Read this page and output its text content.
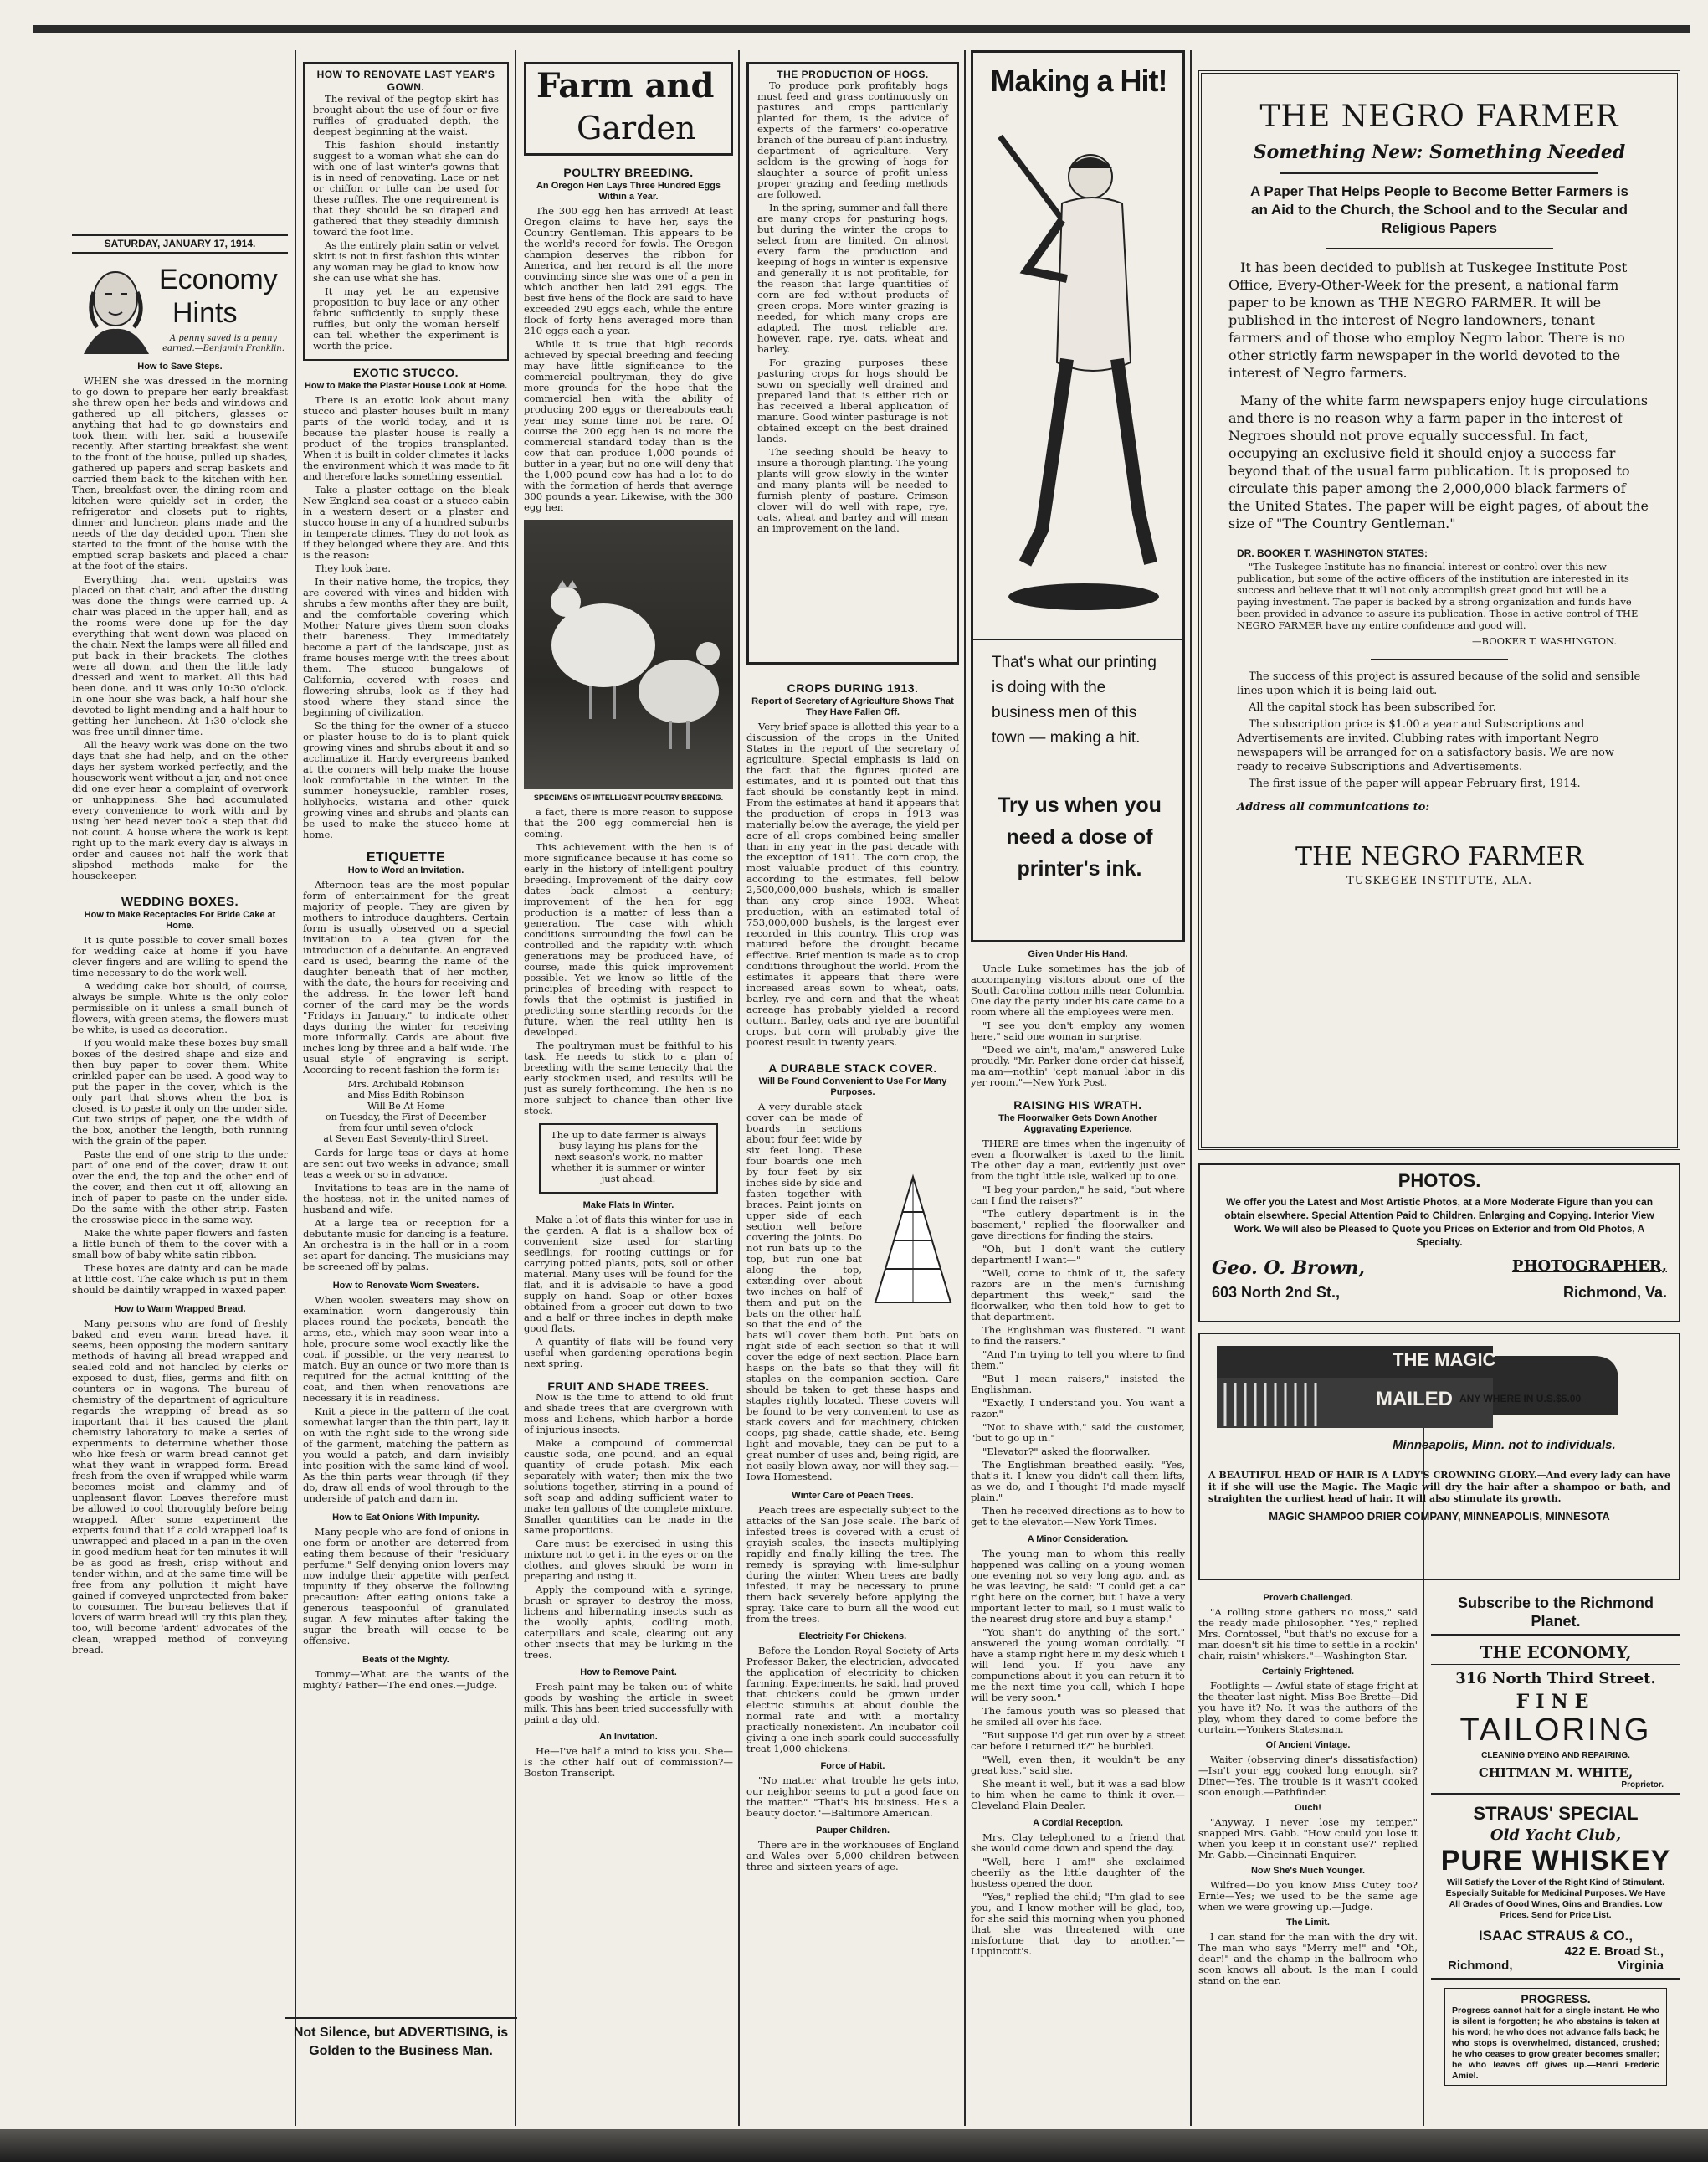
SATURDAY, JANUARY 17, 1914.
Economy
Hints
A penny saved is a penny earned.—Benjamin Franklin.
How to Save Steps.

WHEN she was dressed in the morning to go down to prepare her early breakfast she threw open her beds and windows and gathered up all pitchers, glasses or anything that had to go downstairs and took them with her, said a housewife recently. After starting breakfast she went to the front of the house, pulled up shades, gathered up papers and scrap baskets and carried them back to the kitchen with her. Then, breakfast over, the dining room and kitchen were quickly set in order, the refrigerator and closets put to rights, dinner and luncheon plans made and the needs of the day decided upon. Then she started to the front of the house with the emptied scrap baskets and placed a chair at the foot of the stairs.

Everything that went upstairs was placed on that chair, and after the dusting was done the things were carried up. A chair was placed in the upper hall, and as the rooms were done up for the day everything that went down was placed on the chair. Next the lamps were all filled and put back in their brackets. The clothes were all down, and then the little lady dressed and went to market. All this had been done, and it was only 10:30 o'clock. In one hour she was back, a half hour she devoted to light mending and a half hour to getting her luncheon. At 1:30 o'clock she was free until dinner time.

All the heavy work was done on the two days that she had help, and on the other days her system worked perfectly, and the housework went without a jar, and not once did one ever hear a complaint of overwork or unhappiness. She had accumulated every convenience to work with and by using her head never took a step that did not count. A house where the work is kept right up to the mark every day is always in order and causes not half the work that slipshod methods make for the housekeeper.

WEDDING BOXES.
How to Make Receptacles For Bride Cake at Home.

It is quite possible to cover small boxes for wedding cake at home if you have clever fingers and are willing to spend the time necessary to do the work well.

A wedding cake box should, of course, always be simple. White is the only color permissible on it unless a small bunch of flowers, with green stems, the flowers must be white, is used as decoration.

If you would make these boxes buy small boxes of the desired shape and size and then buy paper to cover them. White crinkled paper can be used. A good way to put the paper in the cover, which is the only part that shows when the box is closed, is to paste it only on the under side. Cut two strips of paper, one the width of the box, another the length, both running with the grain of the paper.

Paste the end of one strip to the under part of one end of the cover; draw it out over the end, the top and the other end of the cover, and then cut it off, allowing an inch of paper to paste on the under side. Do the same with the other strip. Fasten the crosswise piece in the same way.

Make the white paper flowers and fasten a little bunch of them to the cover with a small bow of baby white satin ribbon.

These boxes are dainty and can be made at little cost. The cake which is put in them should be daintily wrapped in waxed paper.

How to Warm Wrapped Bread.

Many persons who are fond of freshly baked and even warm bread have, it seems, been opposing the modern sanitary methods of having all bread wrapped and sealed cold and not handled by clerks or exposed to dust, flies, germs and filth on counters or in wagons. The bureau of chemistry of the department of agriculture regards the wrapping of bread as so important that it has caused the plant chemistry laboratory to make a series of experiments to determine whether those who like fresh or warm bread cannot get what they want in wrapped form. Bread fresh from the oven if wrapped while warm becomes moist and clammy and of unpleasant flavor. Loaves therefore must be allowed to cool thoroughly before being wrapped. After some experiment the experts found that if a cold wrapped loaf is unwrapped and placed in a pan in the oven in good medium heat for ten minutes it will be as good as fresh, crisp without and tender within, and at the same time will be free from any pollution it might have gained if conveyed unprotected from baker to consumer. The bureau believes that if lovers of warm bread will try this plan they, too, will become 'ardent' advocates of the clean, wrapped method of conveying bread.

HOW TO RENOVATE LAST YEAR'S GOWN.

The revival of the pegtop skirt has brought about the use of four or five ruffles of graduated depth, the deepest beginning at the waist.

This fashion should instantly suggest to a woman what she can do with one of last winter's gowns that is in need of renovating. Lace or net or chiffon or tulle can be used for these ruffles. The one requirement is that they should be so draped and gathered that they steadily diminish toward the foot line.

As the entirely plain satin or velvet skirt is not in first fashion this winter any woman may be glad to know how she can use what she has.

It may yet be an expensive proposition to buy lace or any other fabric sufficiently to supply these ruffles, but only the woman herself can tell whether the experiment is worth the price.

EXOTIC STUCCO.
How to Make the Plaster House Look at Home.

There is an exotic look about many stucco and plaster houses built in many parts of the world today, and it is because the plaster house is really a product of the tropics transplanted. When it is built in colder climates it lacks the environment which it was made to fit and therefore lacks something essential.

Take a plaster cottage on the bleak New England sea coast or a stucco cabin in a western desert or a plaster and stucco house in any of a hundred suburbs in temperate climes. They do not look as if they belonged where they are. And this is the reason:

They look bare.

In their native home, the tropics, they are covered with vines and hidden with shrubs a few months after they are built, and the comfortable covering which Mother Nature gives them soon cloaks their bareness. They immediately become a part of the landscape, just as frame houses merge with the trees about them. The stucco bungalows of California, covered with roses and flowering shrubs, look as if they had stood where they stand since the beginning of civilization.

So the thing for the owner of a stucco or plaster house to do is to plant quick growing vines and shrubs about it and so acclimatize it. Hardy evergreens banked at the corners will help make the house look comfortable in the winter. In the summer honeysuckle, rambler roses, hollyhocks, wistaria and other quick growing vines and shrubs and plants can be used to make the stucco home at home.

ETIQUETTE
How to Word an Invitation.

Afternoon teas are the most popular form of entertainment for the great majority of people. They are given by mothers to introduce daughters. Certain form is usually observed on a special invitation to a tea given for the introduction of a debutante. An engraved card is used, bearing the name of the daughter beneath that of her mother, with the date, the hours for receiving and the address. In the lower left hand corner of the card may be the words "Fridays in January," to indicate other days during the winter for receiving more informally. Cards are about five inches long by three and a half wide. The usual style of engraving is script. According to recent fashion the form is:

Mrs. Archibald Robinson
and Miss Edith Robinson
Will Be At Home
on Tuesday, the First of December
from four until seven o'clock
at Seven East Seventy-third Street.

Cards for large teas or days at home are sent out two weeks in advance; small teas a week or so in advance.

Invitations to teas are in the name of the hostess, not in the united names of husband and wife.

At a large tea or reception for a debutante music for dancing is a feature. An orchestra is in the hall or in a room set apart for dancing. The musicians may be screened off by palms.

How to Renovate Worn Sweaters.

When woolen sweaters may show on examination worn dangerously thin places round the pockets, beneath the arms, etc., which may soon wear into a hole, procure some wool exactly like the coat, if possible, or the very nearest to match. Buy an ounce or two more than is required for the actual knitting of the coat, and then when renovations are necessary it is in readiness.

Knit a piece in the pattern of the coat somewhat larger than the thin part, lay it on with the right side to the wrong side of the garment, matching the pattern as you would a patch, and darn invisibly into position with the same kind of wool. As the thin parts wear through (if they do, draw all ends of wool through to the underside of patch and darn in.

How to Eat Onions With Impunity.

Many people who are fond of onions in one form or another are deterred from eating them because of their "residuary perfume." Self denying onion lovers may now indulge their appetite with perfect impunity if they observe the following precaution: After eating onions take a generous teaspoonful of granulated sugar. A few minutes after taking the sugar the breath will cease to be offensive.

Beats of the Mighty.

Tommy—What are the wants of the mighty? Father—The end ones.—Judge.

Not Silence, but ADVERTISING, is
Golden to the Business Man.
Farm and
Garden
POULTRY BREEDING.
An Oregon Hen Lays Three Hundred Eggs Within a Year.

The 300 egg hen has arrived! At least Oregon claims to have her, says the Country Gentleman. This appears to be the world's record for fowls. The Oregon champion deserves the ribbon for America, and her record is all the more convincing since she was one of a pen in which another hen laid 291 eggs. The best five hens of the flock are said to have exceeded 290 eggs each, while the entire flock of forty hens averaged more than 210 eggs each a year.

While it is true that high records achieved by special breeding and feeding may have little significance to the commercial poultryman, they do give more grounds for the hope that the commercial hen with the ability of producing 200 eggs or thereabouts each year may some time not be rare. Of course the 200 egg hen is no more the commercial standard today than is the cow that can produce 1,000 pounds of butter in a year, but no one will deny that the 1,000 pound cow has had a lot to do with the formation of herds that average 300 pounds a year. Likewise, with the 300 egg hen

SPECIMENS OF INTELLIGENT POULTRY BREEDING.

a fact, there is more reason to suppose that the 200 egg commercial hen is coming.

This achievement with the hen is of more significance because it has come so early in the history of intelligent poultry breeding. Improvement of the dairy cow dates back almost a century; improvement of the hen for egg production is a matter of less than a generation. The case with which conditions surrounding the fowl can be controlled and the rapidity with which generations may be produced have, of course, made this quick improvement possible. Yet we know so little of the principles of breeding with respect to fowls that the optimist is justified in predicting some startling records for the future, when the real utility hen is developed.

The poultryman must be faithful to his task. He needs to stick to a plan of breeding with the same tenacity that the early stockmen used, and results will be just as surely forthcoming. The hen is no more subject to chance than other live stock.

The up to date farmer is always busy laying his plans for the next season's work, no matter whether it is summer or winter just ahead.

Make Flats In Winter.

Make a lot of flats this winter for use in the garden. A flat is a shallow box of convenient size used for starting seedlings, for rooting cuttings or for carrying potted plants, pots, soil or other material. Many uses will be found for the flat, and it is advisable to have a good supply on hand. Soap or other boxes obtained from a grocer cut down to two and a half or three inches in depth make good flats.

A quantity of flats will be found very useful when gardening operations begin next spring.

FRUIT AND SHADE TREES.

Now is the time to attend to old fruit and shade trees that are overgrown with moss and lichens, which harbor a horde of injurious insects.

Make a compound of commercial caustic soda, one pound, and an equal quantity of crude potash. Mix each separately with water; then mix the two solutions together, stirring in a pound of soft soap and adding sufficient water to make ten gallons of the complete mixture. Smaller quantities can be made in the same proportions.

Care must be exercised in using this mixture not to get it in the eyes or on the clothes, and gloves should be worn in preparing and using it.

Apply the compound with a syringe, brush or sprayer to destroy the moss, lichens and hibernating insects such as the woolly aphis, codling moth, caterpillars and scale, clearing out any other insects that may be lurking in the trees.

How to Remove Paint.

Fresh paint may be taken out of white goods by washing the article in sweet milk. This has been tried successfully with paint a day old.

An Invitation.

He—I've half a mind to kiss you. She—Is the other half out of commission?—Boston Transcript.

THE PRODUCTION OF HOGS.

To produce pork profitably hogs must feed and grass continuously on pastures and crops particularly planted for them, is the advice of experts of the farmers' co-operative branch of the bureau of plant industry, department of agriculture. Very seldom is the growing of hogs for slaughter a source of profit unless proper grazing and feeding methods are followed.

In the spring, summer and fall there are many crops for pasturing hogs, but during the winter the crops to select from are limited. On almost every farm the production and keeping of hogs in winter is expensive and generally it is not profitable, for the reason that large quantities of corn are fed without products of green crops. More winter grazing is needed, for which many crops are adapted. The most reliable are, however, rape, rye, oats, wheat and barley.

For grazing purposes these pasturing crops for hogs should be sown on specially well drained and prepared land that is either rich or has received a liberal application of manure. Good winter pasturage is not obtained except on the best drained lands.

The seeding should be heavy to insure a thorough planting. The young plants will grow slowly in the winter and many plants will be needed to furnish plenty of pasture. Crimson clover will do well with rape, rye, oats, wheat and barley and will mean an improvement on the land.

CROPS DURING 1913.
Report of Secretary of Agriculture Shows That They Have Fallen Off.

Very brief space is allotted this year to a discussion of the crops in the United States in the report of the secretary of agriculture. Special emphasis is laid on the fact that the figures quoted are estimates, and it is pointed out that this fact should be constantly kept in mind. From the estimates at hand it appears that the production of crops in 1913 was materially below the average, the yield per acre of all crops combined being smaller than in any year in the past decade with the exception of 1911. The corn crop, the most valuable product of this country, according to the estimates, fell below 2,500,000,000 bushels, which is smaller than any crop since 1903. Wheat production, with an estimated total of 753,000,000 bushels, is the largest ever recorded in this country. This crop was matured before the drought became effective. Brief mention is made as to crop conditions throughout the world. From the estimates it appears that there were increased areas sown to wheat, oats, barley, rye and corn and that the wheat acreage has probably yielded a record outturn. Barley, oats and rye are bountiful crops, but corn will probably give the poorest result in twenty years.

A DURABLE STACK COVER.
Will Be Found Convenient to Use For Many Purposes.

A very durable stack cover can be made of boards in sections about four feet wide by six feet long. These four boards one inch by four feet by six inches side by side and fasten together with braces. Paint joints on upper side of each section well before covering the joints. Do not run bats up to the top, but run one bat along the top, extending over about two inches on half of them and put on the bats on the other half, so that the end of the bats will cover them both. Put bats on right side of each section so that it will cover the edge of next section. Place barn hasps on the bats so that they will fit staples on the companion section. Care should be taken to get these hasps and staples rightly located. These covers will be found to be very convenient to use as stack covers and for machinery, chicken coops, pig shade, cattle shade, etc. Being light and movable, they can be put to a great number of uses and, being rigid, are not easily blown away, nor will they sag.—Iowa Homestead.

Winter Care of Peach Trees.

Peach trees are especially subject to the attacks of the San Jose scale. The bark of infested trees is covered with a crust of grayish scales, the insects multiplying rapidly and finally killing the tree. The remedy is spraying with lime-sulphur during the winter. When trees are badly infested, it may be necessary to prune them back severely before applying the spray. Take care to burn all the wood cut from the trees.

Electricity For Chickens.

Before the London Royal Society of Arts Professor Baker, the electrician, advocated the application of electricity to chicken farming. Experiments, he said, had proved that chickens could be grown under electric stimulus at about double the normal rate and with a mortality practically nonexistent. An incubator coil giving a one inch spark could successfully treat 1,000 chickens.

Force of Habit.

"No matter what trouble he gets into, our neighbor seems to put a good face on the matter." "That's his business. He's a beauty doctor."—Baltimore American.

Pauper Children.

There are in the workhouses of England and Wales over 5,000 children between three and sixteen years of age.

Making a Hit!
That's what our printing is doing with the business men of this town — making a hit.
Try us when you need a dose of printer's ink.
Given Under His Hand.

Uncle Luke sometimes has the job of accompanying visitors about one of the South Carolina cotton mills near Columbia. One day the party under his care came to a room where all the employees were men.

"I see you don't employ any women here," said one woman in surprise.

"Deed we ain't, ma'am," answered Luke proudly. "Mr. Parker done order dat hisself, ma'am—nothin' 'cept manual labor in dis yer room."—New York Post.

RAISING HIS WRATH.
The Floorwalker Gets Down Another Aggravating Experience.

THERE are times when the ingenuity of even a floorwalker is taxed to the limit. The other day a man, evidently just over from the tight little isle, walked up to one.

"I beg your pardon," he said, "but where can I find the raisers?"

"The cutlery department is in the basement," replied the floorwalker and gave directions for finding the stairs.

"Oh, but I don't want the cutlery department! I want—"

"Well, come to think of it, the safety razors are in the men's furnishing department this week," said the floorwalker, who then told how to get to that department.

The Englishman was flustered. "I want to find the raisers."

"And I'm trying to tell you where to find them."

"But I mean raisers," insisted the Englishman.

"Exactly, I understand you. You want a razor."

"Not to shave with," said the customer, "but to go up in."

"Elevator?" asked the floorwalker.

The Englishman breathed easily. "Yes, that's it. I knew you didn't call them lifts, as we do, and I thought I'd made myself plain."

Then he received directions as to how to get to the elevator.—New York Times.

A Minor Consideration.

The young man to whom this really happened was calling on a young woman one evening not so very long ago, and, as he was leaving, he said: "I could get a car right here on the corner, but I have a very important letter to mail, so I must walk to the nearest drug store and buy a stamp."

"You shan't do anything of the sort," answered the young woman cordially. "I have a stamp right here in my desk which I will lend you. If you have any compunctions about it you can return it to me the next time you call, which I hope will be very soon."

The famous youth was so pleased that he smiled all over his face.

"But suppose I'd get run over by a street car before I returned it?" he burbled.

"Well, even then, it wouldn't be any great loss," said she.

She meant it well, but it was a sad blow to him when he came to think it over.—Cleveland Plain Dealer.

A Cordial Reception.

Mrs. Clay telephoned to a friend that she would come down and spend the day.

"Well, here I am!" she exclaimed cheerily as the little daughter of the hostess opened the door.

"Yes," replied the child; "I'm glad to see you, and I know mother will be glad, too, for she said this morning when you phoned that she was threatened with one misfortune that day to another."—Lippincott's.

THE NEGRO FARMER
Something New: Something Needed
A Paper That Helps People to Become Better Farmers is an Aid to the Church, the School and to the Secular and Religious Papers

It has been decided to publish at Tuskegee Institute Post Office, Every-Other-Week for the present, a national farm paper to be known as THE NEGRO FARMER. It will be published in the interest of Negro landowners, tenant farmers and of those who employ Negro labor. There is no other strictly farm newspaper in the world devoted to the interest of Negro farmers.

Many of the white farm newspapers enjoy huge circulations and there is no reason why a farm paper in the interest of Negroes should not prove equally successful. In fact, occupying an exclusive field it should enjoy a success far beyond that of the usual farm publication. It is proposed to circulate this paper among the 2,000,000 black farmers of the United States. The paper will be eight pages, of about the size of "The Country Gentleman."

DR. BOOKER T. WASHINGTON STATES:

"The Tuskegee Institute has no financial interest or control over this new publication, but some of the active officers of the institution are interested in its success and believe that it will not only accomplish great good but will be a paying investment. The paper is backed by a strong organization and funds have been provided in advance to assure its publication. Those in active control of THE NEGRO FARMER have my entire confidence and good will.

—BOOKER T. WASHINGTON.

The success of this project is assured because of the solid and sensible lines upon which it is being laid out.

All the capital stock has been subscribed for.

The subscription price is $1.00 a year and Subscriptions and Advertisements are invited. Clubbing rates with important Negro newspapers will be arranged for on a satisfactory basis. We are now ready to receive Subscriptions and Advertisements.

The first issue of the paper will appear February first, 1914.

Address all communications to:
THE NEGRO FARMER
TUSKEGEE INSTITUTE, ALA.
PHOTOS.
We offer you the Latest and Most Artistic Photos, at a More Moderate Figure than you can obtain elsewhere. Special Attention Paid to Children. Enlarging and Copying. Interior View Work. We will also be Pleased to Quote you Prices on Exterior and from Old Photos, A Specialty.
Geo. O. Brown,	PHOTOGRAPHER,
603 North 2nd St.,	Richmond, Va.
THE MAGIC
MAILED ANY WHERE IN U.S.$5.00
Minneapolis, Minn. not to individuals.
A BEAUTIFUL HEAD OF HAIR IS A LADY'S CROWNING GLORY.—And every lady can have it if she will use the Magic. The Magic will dry the hair after a shampoo or bath, and straighten the curliest head of hair. It will also stimulate its growth.
MAGIC SHAMPOO DRIER COMPANY, MINNEAPOLIS, MINNESOTA
Proverb Challenged.

"A rolling stone gathers no moss," said the ready made philosopher. "Yes," replied Mrs. Corntossel, "but that's no excuse for a man doesn't sit his time to settle in a rockin' chair, raisin' whiskers."—Washington Star.

Certainly Frightened.

Footlights — Awful state of stage fright at the theater last night. Miss Boe Brette—Did you have it? No. It was the authors of the play, whom they dared to come before the curtain.—Yonkers Statesman.

Of Ancient Vintage.

Waiter (observing diner's dissatisfaction)—Isn't your egg cooked long enough, sir? Diner—Yes. The trouble is it wasn't cooked soon enough.—Pathfinder.

Ouch!

"Anyway, I never lose my temper," snapped Mrs. Gabb. "How could you lose it when you keep it in constant use?" replied Mr. Gabb.—Cincinnati Enquirer.

Now She's Much Younger.

Wilfred—Do you know Miss Cutey too? Ernie—Yes; we used to be the same age when we were growing up.—Judge.

The Limit.

I can stand for the man with the dry wit. The man who says "Merry me!" and "Oh, dear!" and the champ in the ballroom who soon knows all about. Is the man I could stand on the ear.

Subscribe to the Richmond Planet.
THE ECONOMY,
316 North Third Street.
FINE
TAILORING
CLEANING DYEING AND REPAIRING.
CHITMAN M. WHITE,
Proprietor.
STRAUS' SPECIAL
Old Yacht Club,
PURE WHISKEY
Will Satisfy the Lover of the Right Kind of Stimulant. Especially Suitable for Medicinal Purposes. We Have All Grades of Good Wines, Gins and Brandies. Low Prices. Send for Price List.
ISAAC STRAUS & CO.,
422 E. Broad St.,
Richmond,	Virginia
PROGRESS.
Progress cannot halt for a single instant. He who is silent is forgotten; he who abstains is taken at his word; he who does not advance falls back; he who stops is overwhelmed, distanced, crushed; he who ceases to grow greater becomes smaller; he who leaves off gives up.—Henri Frederic Amiel.
